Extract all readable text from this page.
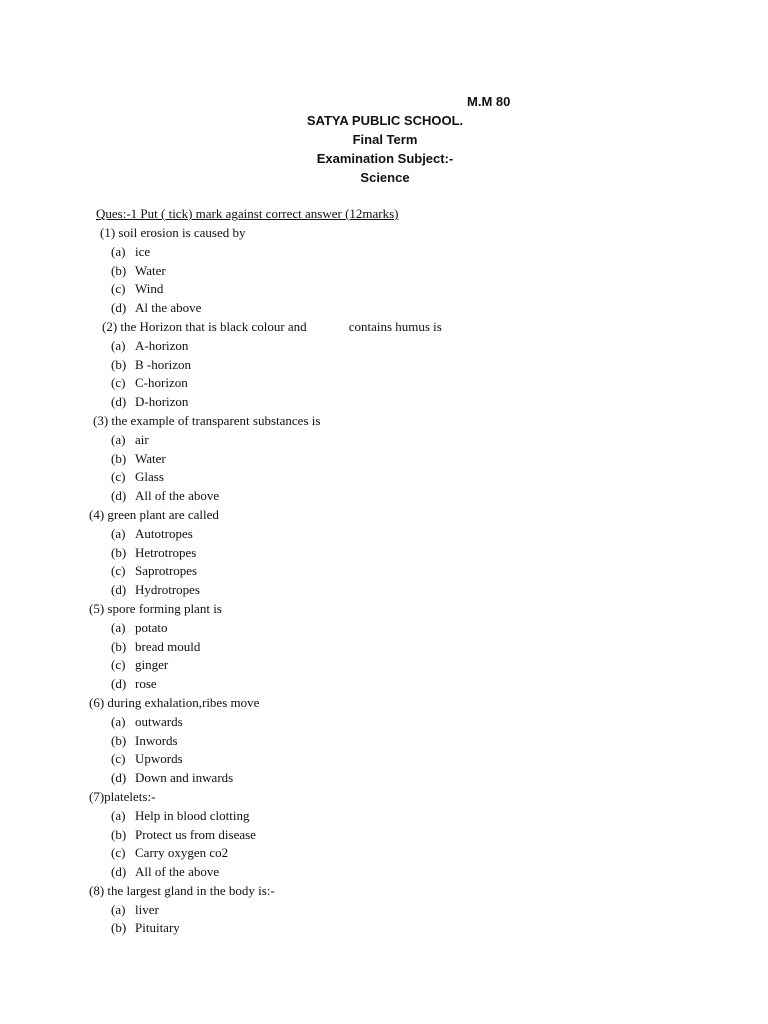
M.M 80
SATYA PUBLIC SCHOOL.
Final Term
Examination Subject:-
Science
Ques:-1 Put ( tick) mark against correct answer (12marks)
(1) soil erosion is caused by
(a) ice
(b) Water
(c) Wind
(d) Al the above
(2) the Horizon that is black colour and	contains humus is
(a) A-horizon
(b) B -horizon
(c) C-horizon
(d) D-horizon
(3) the example of transparent substances is
(a) air
(b) Water
(c) Glass
(d) All of the above
(4) green plant are called
(a) Autotropes
(b) Hetrotropes
(c) Saprotropes
(d) Hydrotropes
(5) spore forming plant is
(a) potato
(b) bread mould
(c) ginger
(d) rose
(6) during exhalation,ribes move
(a) outwards
(b) Inwords
(c) Upwords
(d) Down and inwards
(7)platelets:-
(a) Help in blood clotting
(b) Protect us from disease
(c) Carry oxygen co2
(d) All of the above
(8) the largest gland in the body is:-
(a) liver
(b) Pituitary
